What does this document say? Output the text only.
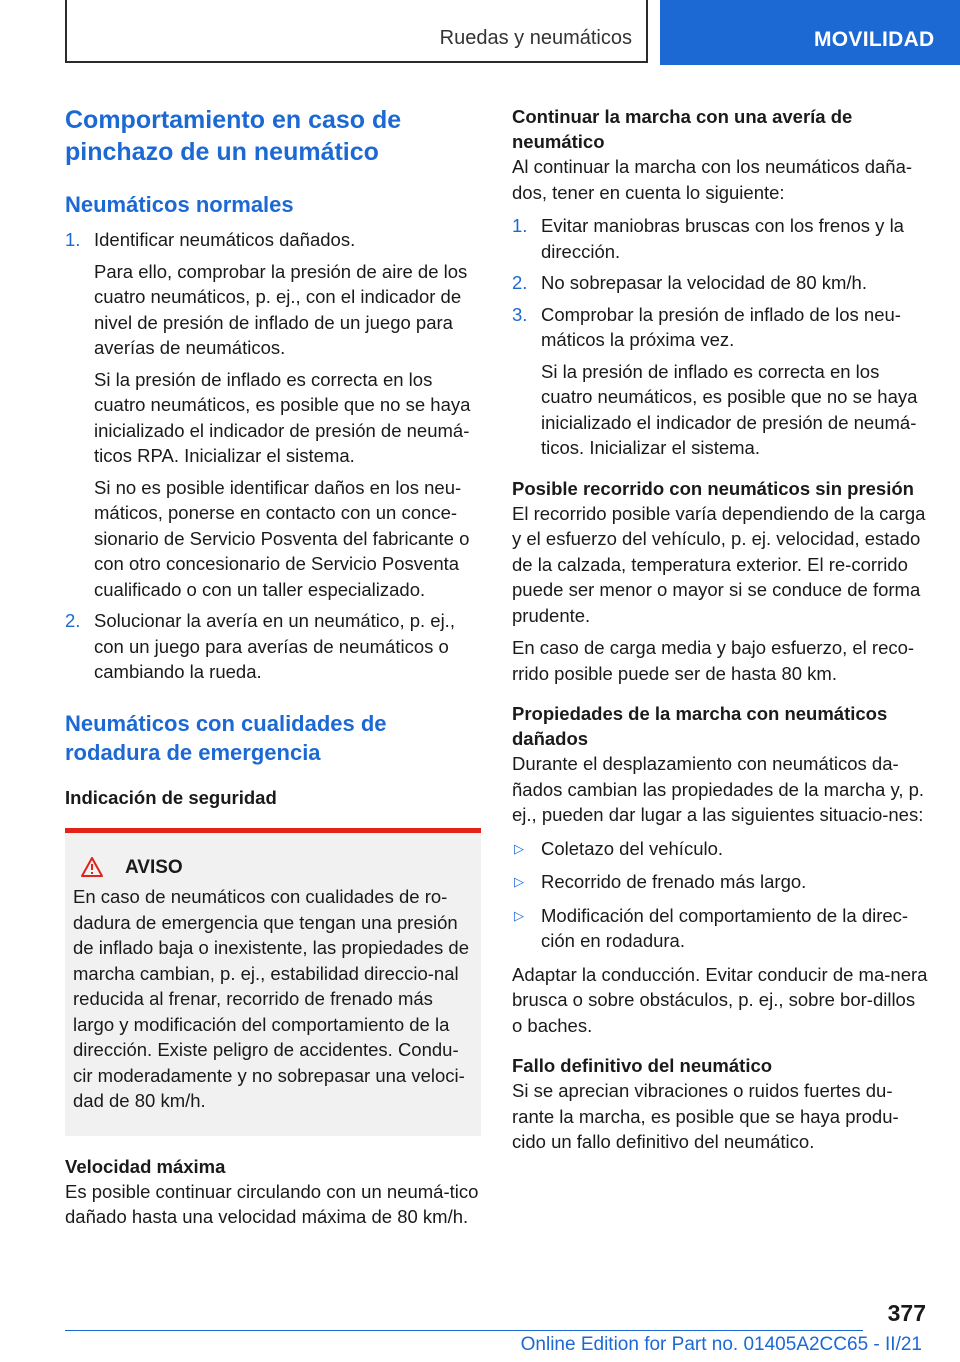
Ruedas y neumáticos	MOVILIDAD
Comportamiento en caso de pinchazo de un neumático
Neumáticos normales
1. Identificar neumáticos dañados.
Para ello, comprobar la presión de aire de los cuatro neumáticos, p. ej., con el indicador de nivel de presión de inflado de un juego para averías de neumáticos.
Si la presión de inflado es correcta en los cuatro neumáticos, es posible que no se haya inicializado el indicador de presión de neumá-ticos RPA. Inicializar el sistema.
Si no es posible identificar daños en los neu-máticos, ponerse en contacto con un conce-sionario de Servicio Posventa del fabricante o con otro concesionario de Servicio Posventa cualificado o con un taller especializado.
2. Solucionar la avería en un neumático, p. ej., con un juego para averías de neumáticos o cambiando la rueda.
Neumáticos con cualidades de rodadura de emergencia
Indicación de seguridad
AVISO
En caso de neumáticos con cualidades de ro-dadura de emergencia que tengan una presión de inflado baja o inexistente, las propiedades de marcha cambian, p. ej., estabilidad direccio-nal reducida al frenar, recorrido de frenado más largo y modificación del comportamiento de la dirección. Existe peligro de accidentes. Condu-cir moderadamente y no sobrepasar una veloci-dad de 80 km/h.
Velocidad máxima

Es posible continuar circulando con un neumá-tico dañado hasta una velocidad máxima de 80 km/h.

Continuar la marcha con una avería de neumático

Al continuar la marcha con los neumáticos daña-dos, tener en cuenta lo siguiente:

1. Evitar maniobras bruscas con los frenos y la dirección.
2. No sobrepasar la velocidad de 80 km/h.
3. Comprobar la presión de inflado de los neu-máticos la próxima vez.
Si la presión de inflado es correcta en los cuatro neumáticos, es posible que no se haya inicializado el indicador de presión de neumá-ticos. Inicializar el sistema.
Posible recorrido con neumáticos sin presión

El recorrido posible varía dependiendo de la carga y el esfuerzo del vehículo, p. ej. velocidad, estado de la calzada, temperatura exterior. El re-corrido puede ser menor o mayor si se conduce de forma prudente.

En caso de carga media y bajo esfuerzo, el reco-rrido posible puede ser de hasta 80 km.

Propiedades de la marcha con neumáticos dañados

Durante el desplazamiento con neumáticos da-ñados cambian las propiedades de la marcha y, p. ej., pueden dar lugar a las siguientes situacio-nes:

▷ Coletazo del vehículo.
▷ Recorrido de frenado más largo.
▷ Modificación del comportamiento de la direc-ción en rodadura.

Adaptar la conducción. Evitar conducir de ma-nera brusca o sobre obstáculos, p. ej., sobre bor-dillos o baches.

Fallo definitivo del neumático

Si se aprecian vibraciones o ruidos fuertes du-rante la marcha, es posible que se haya produ-cido un fallo definitivo del neumático.

377
Online Edition for Part no. 01405A2CC65 - II/21
